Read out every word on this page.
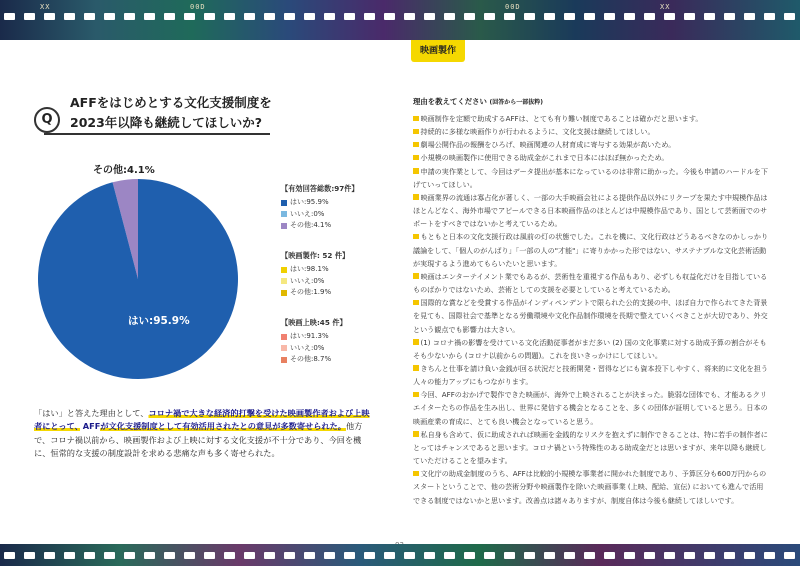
XX	00D	00D	XX
映画製作
Q
AFFをはじめとする文化支援制度を
2023年以降も継続してほしいか?
その他:4.1%
はい:95.9%
【有効回答総数:97件】
はい:95.9%
いいえ:0%
その他:4.1%
【映画製作: 52 件】
はい:98.1%
いいえ:0%
その他:1.9%
【映画上映:45 件】
はい:91.3%
いいえ:0%
その他:8.7%
「はい」と答えた理由として、コロナ禍で大きな経済的打撃を受けた映画製作者および上映者にとって、AFFが文化支援制度として有効活用されたとの意見が多数寄せられた。他方で、コロナ禍以前から、映画製作および上映に対する文化支援が不十分であり、今回を機に、恒常的な支援の制度設計を求める悲痛な声も多く寄せられた。
理由を教えてください (回答から一部抜粋)
映画制作を定額で助成するAFFは、とても有り難い制度であることは確かだと思います。
持続的に多様な映画作りが行われるように、文化支援は継続してほしい。
劇場公開作品の報酬をひろげ、映画関連の人材育成に寄与する効果が高いため。
小規模の映画製作に使用できる助成金がこれまで日本にはほぼ無かったため。
申請の実作業として、今回はデータ提出が基本になっているのは非常に助かった。今後も申請のハードルを下げていってほしい。
映画業界の流通は寡占化が著しく、一部の大手映画会社による提供作品以外にリクープを果たす中規模作品はほとんどなく、海外市場でアピールできる日本映画作品のほとんどは中規模作品であり、国として芸術面でのサポートをすべきではないかと考えているため。
もともと日本の文化支援行政は風前の灯の状態でした。これを機に、文化行政はどうあるべきなのかしっかり議論をして、「個人のがんばり」「一部の人の"才能"」に寄りかかった形ではない、サステナブルな文化芸術活動が実現するよう進めてもらいたいと思います。
映画はエンターテイメント業でもあるが、芸術性を重視する作品もあり、必ずしも収益化だけを目指しているものばかりではないため、芸術としての支援を必要としていると考えているため。
国際的な賞などを受賞する作品がインディペンデントで限られた公的支援の中、ほぼ自力で作られてきた背景を見ても、国際社会で基準となる労働環境や文化作品制作環境を長期で整えていくべきことが大切であり、外交という観点でも影響力は大きい。
(1) コロナ禍の影響を受けている文化活動従事者がまだ多い (2) 国の文化事業に対する助成予算の割合がそもそも少ないから (コロナ以前からの問題)。これを良いきっかけにしてほしい。
きちんと仕事を請け負い金銭が回る状況だと技術開発・習得などにも資本投下しやすく、将来的に文化を担う人々の能力アップにもつながります。
今回、AFFのおかげで製作できた映画が、海外で上映されることが決まった。脆弱な団体でも、才能あるクリエイターたちの作品を生み出し、世界に発信する機会となることを、多くの団体が証明していると思う。日本の映画産業の育成に、とても良い機会となっていると思う。
私自身も含めて、仮に助成されれば映画を金銭的なリスクを抱えずに制作できることは、特に若手の制作者にとってはチャンスであると思います。コロナ禍という特殊性のある助成金だとは思いますが、来年以降も継続していただけることを望みます。
文化庁の助成金制度のうち、AFFは比較的小規模な事業者に開かれた制度であり、予算区分も600万円からのスタートということで、他の芸術分野や映画製作を除いた映画事業 (上映、配給、宣伝) においても進んで活用できる制度ではないかと思います。改善点は諸々ありますが、制度自体は今後も継続してほしいです。
